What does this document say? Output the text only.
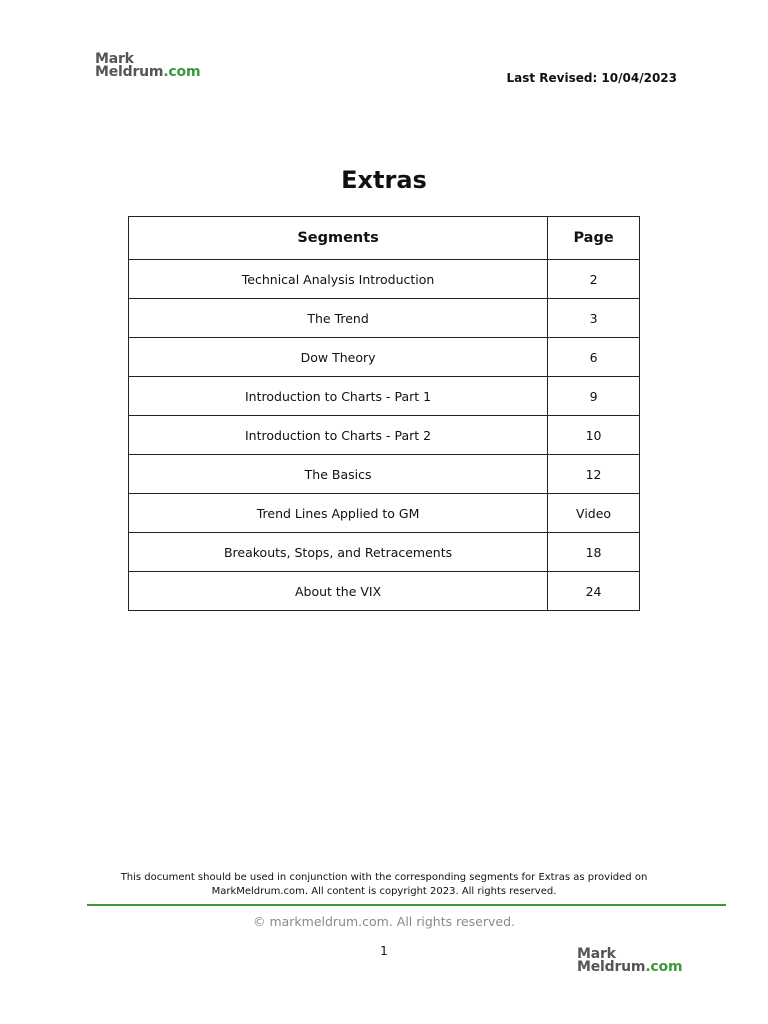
Mark
Meldrum.com	Last Revised: 10/04/2023
Extras
Segments	Page
Technical Analysis Introduction	2
The Trend	3
Dow Theory	6
Introduction to Charts - Part 1	9
Introduction to Charts - Part 2	10
The Basics	12
Trend Lines Applied to GM	Video
Breakouts, Stops, and Retracements	18
About the VIX	24
This document should be used in conjunction with the corresponding segments for Extras as provided on
MarkMeldrum.com. All content is copyright 2023. All rights reserved.
© markmeldrum.com. All rights reserved.
1	Mark
Meldrum.com
